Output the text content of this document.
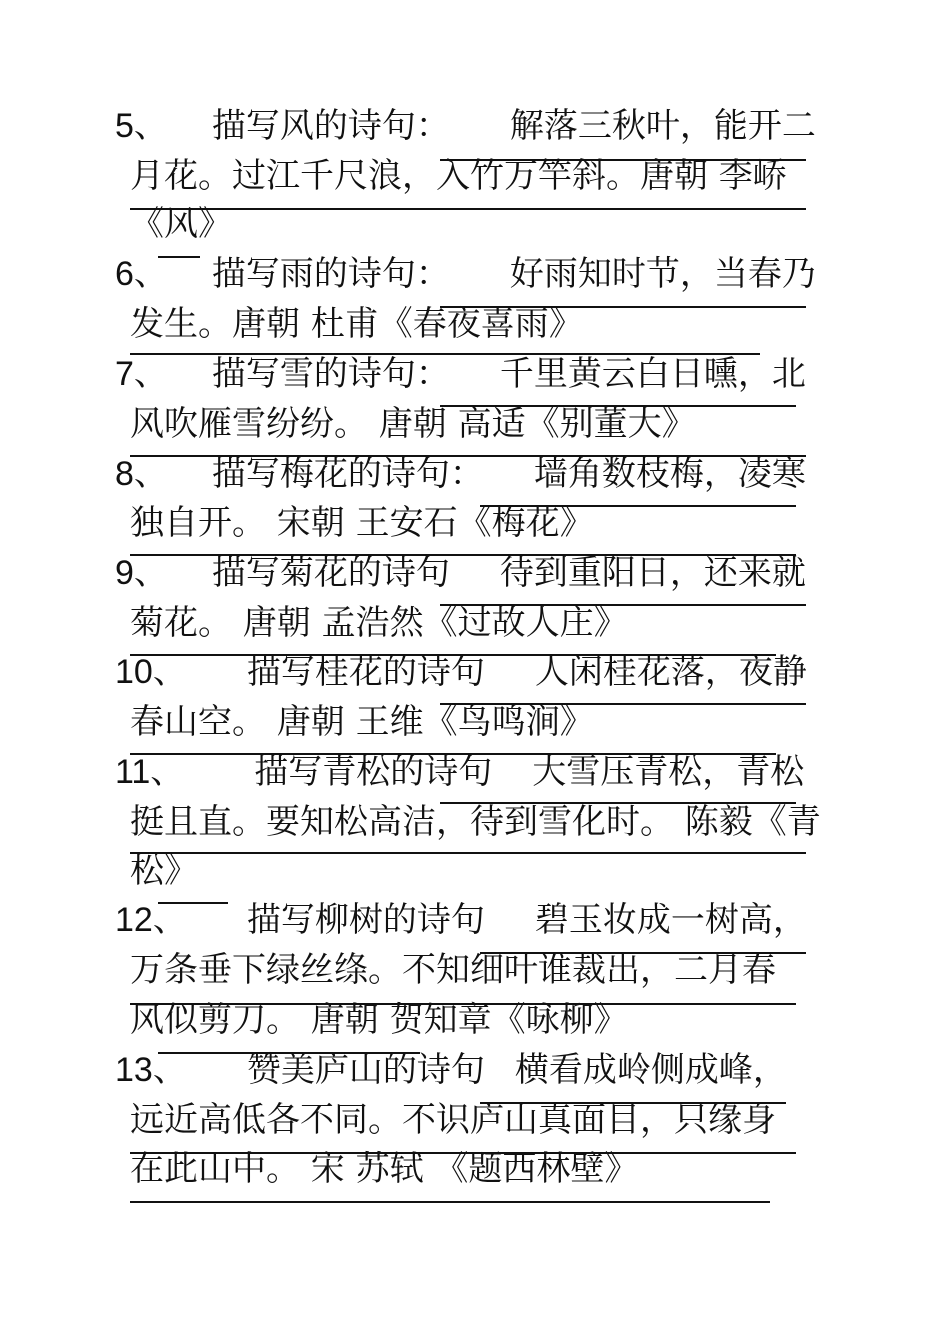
5、 描写风的诗句： 解落三秋叶，能开二
月花。过江千尺浪，入竹万竿斜。唐朝 李峤
《风》
6、 描写雨的诗句： 好雨知时节，当春乃
发生。唐朝 杜甫《春夜喜雨》
7、 描写雪的诗句： 千里黄云白日曛，北
风吹雁雪纷纷。 唐朝 高适《别董大》
8、 描写梅花的诗句： 墙角数枝梅，凌寒
独自开。 宋朝 王安石《梅花》
9、 描写菊花的诗句 待到重阳日，还来就
菊花。 唐朝 孟浩然《过故人庄》
10、 描写桂花的诗句 人闲桂花落，夜静
春山空。 唐朝 王维《鸟鸣涧》
11、 描写青松的诗句 大雪压青松，青松
挺且直。要知松高洁，待到雪化时。 陈毅《青
松》
12、 描写柳树的诗句 碧玉妆成一树高，
万条垂下绿丝绦。不知细叶谁裁出，二月春
风似剪刀。 唐朝 贺知章《咏柳》
13、 赞美庐山的诗句 横看成岭侧成峰，
远近高低各不同。不识庐山真面目，只缘身
在此山中。 宋 苏轼 《题西林壁》
